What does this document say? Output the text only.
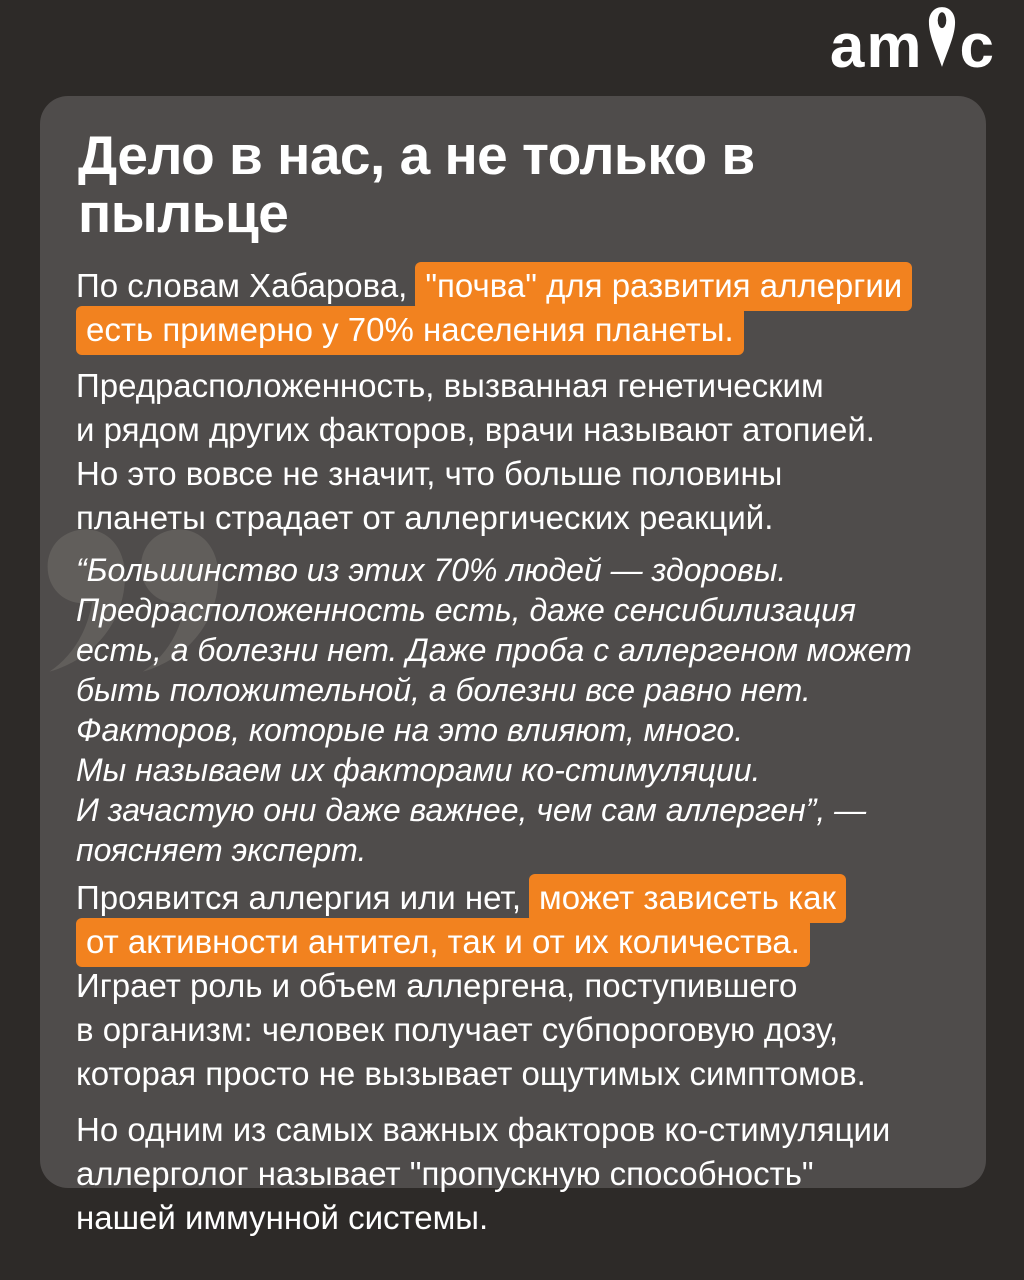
am c
Дело в нас, а не только в пыльце
По словам Хабарова, "почва" для развития аллергии
есть примерно у 70% населения планеты.
Предрасположенность, вызванная генетическим
и рядом других факторов, врачи называют атопией.
Но это вовсе не значит, что больше половины
планеты страдает от аллергических реакций.
“Большинство из этих 70% людей — здоровы.
Предрасположенность есть, даже сенсибилизация
есть, а болезни нет. Даже проба с аллергеном может
быть положительной, а болезни все равно нет.
Факторов, которые на это влияют, много.
Мы называем их факторами ко-стимуляции.
И зачастую они даже важнее, чем сам аллерген”, —
поясняет эксперт.
Проявится аллергия или нет, может зависеть как
от активности антител, так и от их количества.
Играет роль и объем аллергена, поступившего
в организм: человек получает субпороговую дозу,
которая просто не вызывает ощутимых симптомов.
Но одним из самых важных факторов ко-стимуляции
аллерголог называет "пропускную способность"
нашей иммунной системы.
